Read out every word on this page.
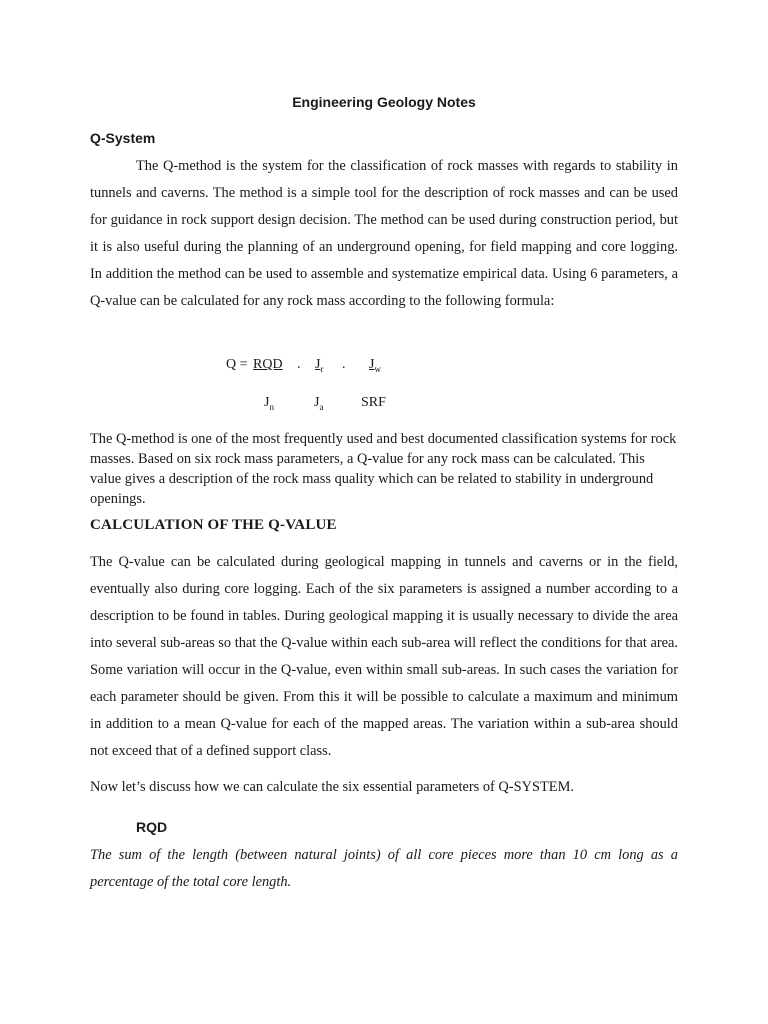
Engineering Geology Notes
Q-System

The Q-method is the system for the classification of rock masses with regards to stability in tunnels and caverns. The method is a simple tool for the description of rock masses and can be used for guidance in rock support design decision. The method can be used during construction period, but it is also useful during the planning of an underground opening, for field mapping and core logging. In addition the method can be used to assemble and systematize empirical data. Using 6 parameters, a Q-value can be calculated for any rock mass according to the following formula:

Q = RQD .	$J_r$	.	$J_w$
$J_n$	$J_a$	SRF

The Q-method is one of the most frequently used and best documented classification systems for rock masses. Based on six rock mass parameters, a Q-value for any rock mass can be calculated. This value gives a description of the rock mass quality which can be related to stability in underground openings.

CALCULATION OF THE Q-VALUE

The Q-value can be calculated during geological mapping in tunnels and caverns or in the field, eventually also during core logging. Each of the six parameters is assigned a number according to a description to be found in tables. During geological mapping it is usually necessary to divide the area into several sub-areas so that the Q-value within each sub-area will reflect the conditions for that area. Some variation will occur in the Q-value, even within small sub-areas. In such cases the variation for each parameter should be given. From this it will be possible to calculate a maximum and minimum in addition to a mean Q-value for each of the mapped areas. The variation within a sub-area should not exceed that of a defined support class.

Now let’s discuss how we can calculate the six essential parameters of Q-SYSTEM.

RQD

The sum of the length (between natural joints) of all core pieces more than 10 cm long as a percentage of the total core length.
